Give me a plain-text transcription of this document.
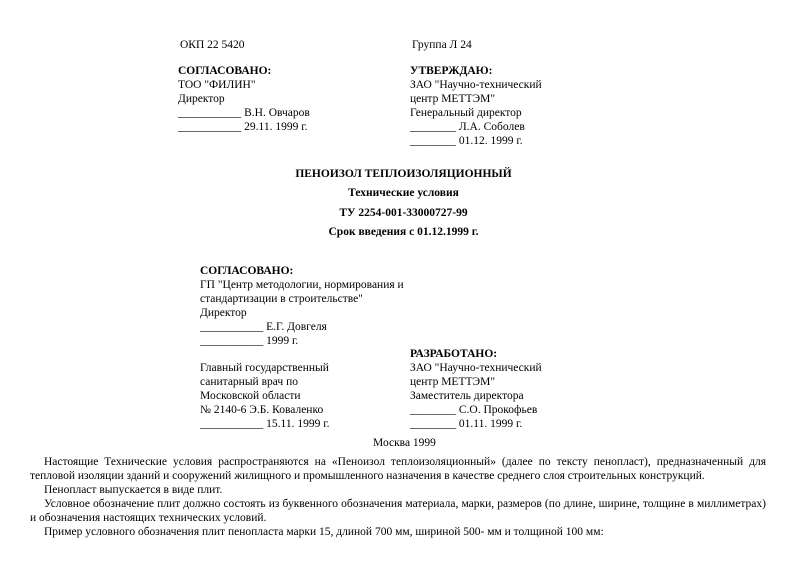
ОКП 22 5420	Группа Л 24
СОГЛАСОВАНО:
ТОО "ФИЛИН"
Директор
___________ В.Н. Овчаров
___________ 29.11. 1999 г.
УТВЕРЖДАЮ:
ЗАО "Научно-технический
центр МЕТТЭМ"
Генеральный директор
________ Л.А. Соболев
________ 01.12. 1999 г.
ПЕНОИЗОЛ ТЕПЛОИЗОЛЯЦИОННЫЙ
Технические условия
ТУ 2254-001-33000727-99
Срок введения с 01.12.1999 г.
СОГЛАСОВАНО:
ГП "Центр методологии, нормирования и
стандартизации в строительстве"
Директор
___________ Е.Г. Довгеля
___________ 1999 г.
Главный государственный
санитарный врач по
Московской области
№ 2140-6 Э.Б. Коваленко
___________ 15.11. 1999 г.
РАЗРАБОТАНО:
ЗАО "Научно-технический
центр МЕТТЭМ"
Заместитель директора
________ С.О. Прокофьев
________ 01.11. 1999 г.
Москва 1999
Настоящие Технические условия распространяются на «Пеноизол теплоизоляционный» (далее по тексту пенопласт), предназначенный для тепловой изоляции зданий и сооружений жилищного и промышленного назначения в качестве среднего слоя строительных конструкций.
Пенопласт выпускается в виде плит.
Условное обозначение плит должно состоять из буквенного обозначения материала, марки, размеров (по длине, ширине, толщине в миллиметрах) и обозначения настоящих технических условий.
Пример условного обозначения плит пенопласта марки 15, длиной 700 мм, шириной 500- мм и толщиной 100 мм:
